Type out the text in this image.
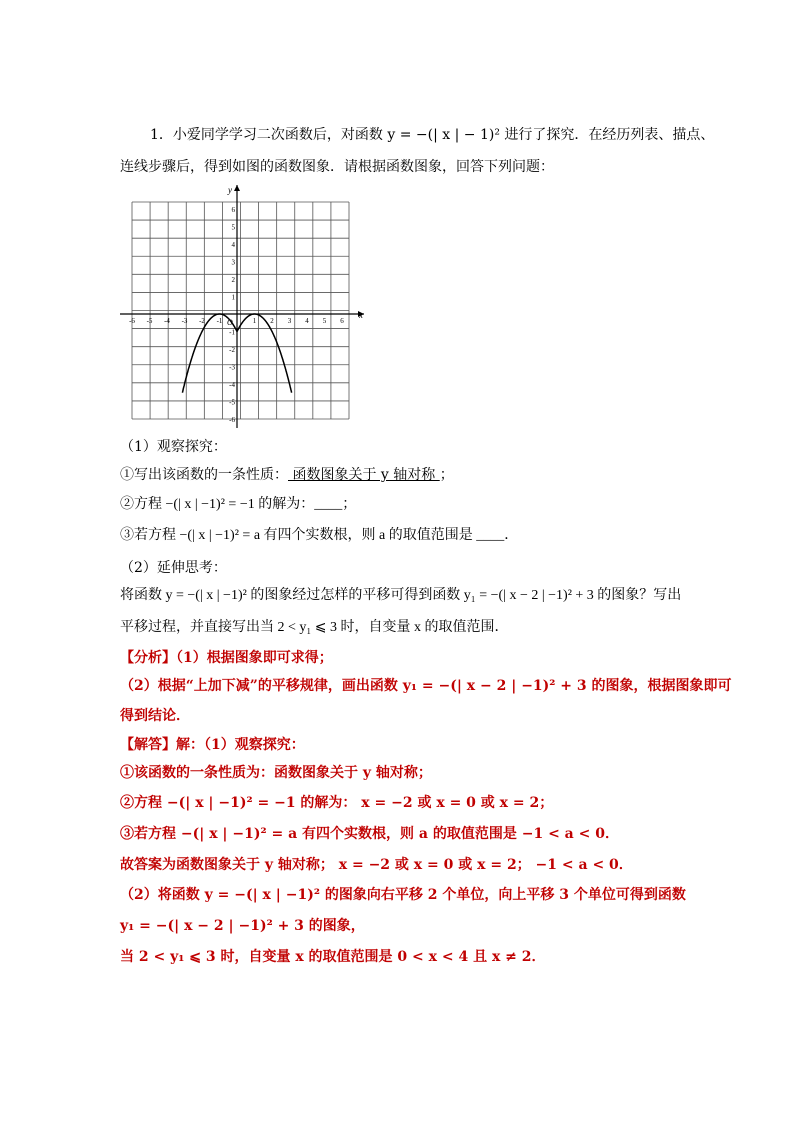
1．小爱同学学习二次函数后，对函数 y = −(| x | − 1)² 进行了探究．在经历列表、描点、
连线步骤后，得到如图的函数图象．请根据函数图象，回答下列问题：
x
y
O
-6 -5 -4 -3 -2 -1	1 2 3 4 5 6
6
5
4
3
2
1
-1
-2
-3
-4
-5
-6
（1）观察探究：
①写出该函数的一条性质： 函数图象关于 y 轴对称 ；
②方程 −(| x | −1)² = −1 的解为：____；
③若方程 −(| x | −1)² = a 有四个实数根，则 a 的取值范围是 ____．
（2）延伸思考：
将函数 y = −(| x | −1)² 的图象经过怎样的平移可得到函数 y₁ = −(| x − 2 | −1)² + 3 的图象？写出
平移过程，并直接写出当 2 < y₁ ⩽ 3 时，自变量 x 的取值范围．
【分析】（1）根据图象即可求得；
（2）根据“上加下减”的平移规律，画出函数 y₁ = −(| x − 2 | −1)² + 3 的图象，根据图象即可
得到结论．
【解答】解：（1）观察探究：
①该函数的一条性质为：函数图象关于 y 轴对称；
②方程 −(| x | −1)² = −1 的解为： x = −2 或 x = 0 或 x = 2；
③若方程 −(| x | −1)² = a 有四个实数根，则 a 的取值范围是 −1 < a < 0．
故答案为函数图象关于 y 轴对称； x = −2 或 x = 0 或 x = 2； −1 < a < 0．
（2）将函数 y = −(| x | −1)² 的图象向右平移 2 个单位，向上平移 3 个单位可得到函数
y₁ = −(| x − 2 | −1)² + 3 的图象，
当 2 < y₁ ⩽ 3 时，自变量 x 的取值范围是 0 < x < 4 且 x ≠ 2．
